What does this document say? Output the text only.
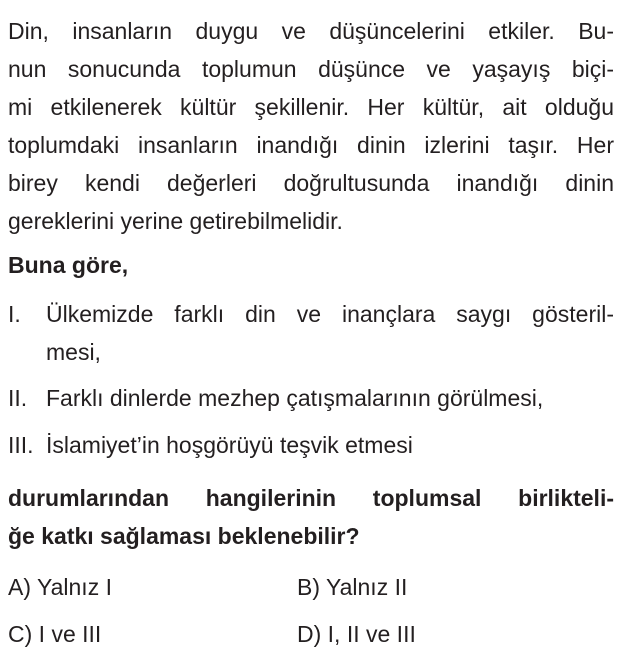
Din, insanların duygu ve düşüncelerini etkiler. Bu-
nun sonucunda toplumun düşünce ve yaşayış biçi-
mi etkilenerek kültür şekillenir. Her kültür, ait olduğu
toplumdaki insanların inandığı dinin izlerini taşır. Her
birey kendi değerleri doğrultusunda inandığı dinin
gereklerini yerine getirebilmelidir.
Buna göre,
I. Ülkemizde farklı din ve inançlara saygı gösteril-
mesi,
II. Farklı dinlerde mezhep çatışmalarının görülmesi,
III. İslamiyet’in hoşgörüyü teşvik etmesi
durumlarından hangilerinin toplumsal birlikteli-
ğe katkı sağlaması beklenebilir?
A) Yalnız I	B) Yalnız II
C) I ve III	D) I, II ve III
